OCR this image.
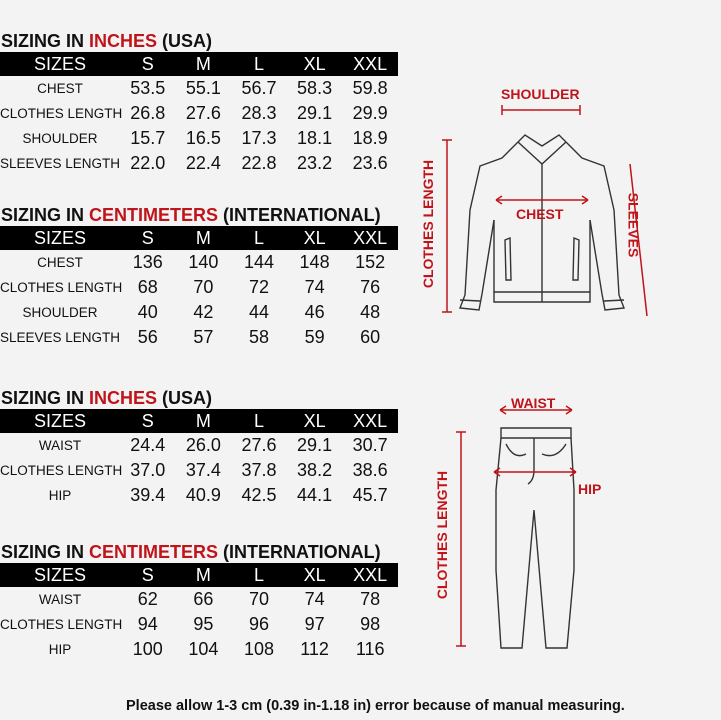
SIZING IN INCHES (USA)
SIZES	S	M	L	XL	XXL
CHEST	53.5	55.1	56.7	58.3	59.8
CLOTHES LENGTH 26.8	27.6	28.3	29.1	29.9
SHOULDER	15.7	16.5	17.3	18.1	18.9
SLEEVES LENGTH 22.0	22.4	22.8	23.2	23.6
SIZING IN CENTIMETERS (INTERNATIONAL)
SIZES	S	M	L	XL	XXL
CHEST	136	140	144	148	152
CLOTHES LENGTH 68	70	72	74	76
SHOULDER	40	42	44	46	48
SLEEVES LENGTH 56	57	58	59	60
SIZING IN INCHES (USA)
SIZES	S	M	L	XL	XXL
WAIST	24.4	26.0	27.6	29.1	30.7
CLOTHES LENGTH 37.0	37.4	37.8	38.2	38.6
HIP	39.4	40.9	42.5	44.1	45.7
SIZING IN CENTIMETERS (INTERNATIONAL)
SIZES	S	M	L	XL	XXL
WAIST	62	66	70	74	78
CLOTHES LENGTH 94	95	96	97	98
HIP	100	104	108	112	116
SHOULDER
CHEST	SLEEVES
CLOTHES LENGTH
WAIST
HIP
CLOTHES LENGTH
Please allow 1-3 cm (0.39 in-1.18 in) error because of manual measuring.
